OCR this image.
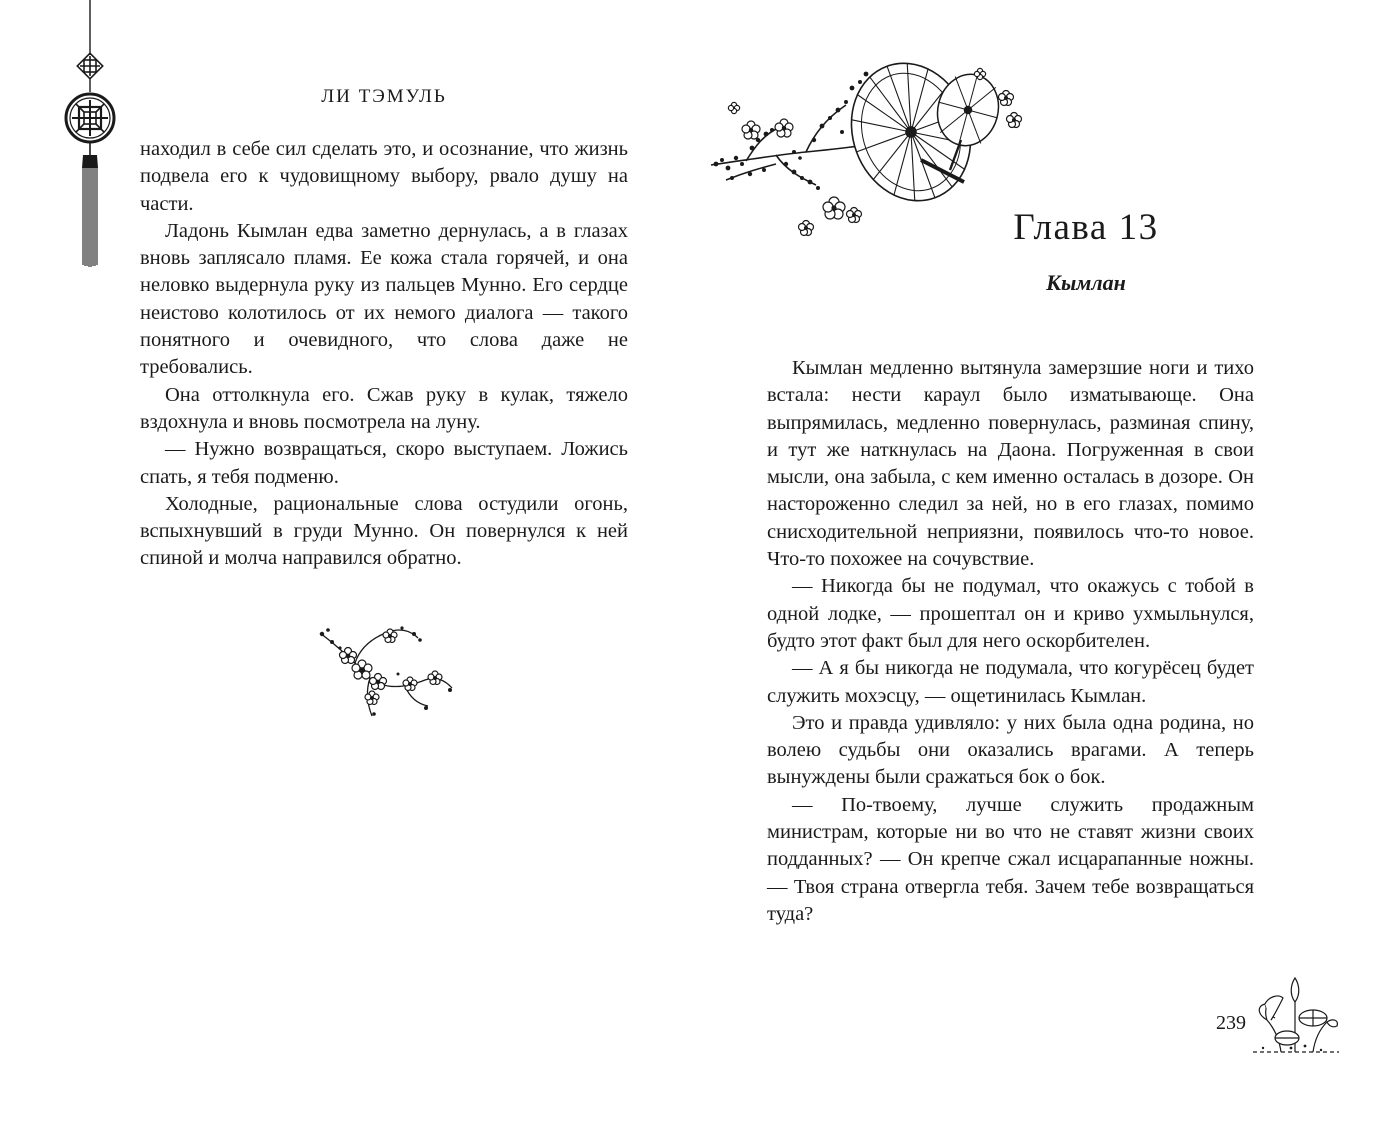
ЛИ ТЭМУЛЬ

находил в себе сил сделать это, и осознание, что жизнь подвела его к чудовищному выбору, рвало душу на части.

Ладонь Кымлан едва заметно дернулась, а в глазах вновь заплясало пламя. Ее кожа стала горячей, и она неловко выдернула руку из пальцев Мунно. Его сердце неистово колотилось от их немого диалога — такого понятного и очевидного, что слова даже не требовались.

Она оттолкнула его. Сжав руку в кулак, тяжело вздохнула и вновь посмотрела на луну.

— Нужно возвращаться, скоро выступаем. Ложись спать, я тебя подменю.

Холодные, рациональные слова остудили огонь, вспыхнувший в груди Мунно. Он повернулся к ней спиной и молча направился обратно.

Глава 13
Кымлан

Кымлан медленно вытянула замерзшие ноги и тихо встала: нести караул было изматывающе. Она выпрямилась, медленно повернулась, разминая спину, и тут же наткнулась на Даона. Погруженная в свои мысли, она забыла, с кем именно осталась в дозоре. Он настороженно следил за ней, но в его глазах, помимо снисходительной неприязни, появилось что-то новое. Что-то похожее на сочувствие.

— Никогда бы не подумал, что окажусь с тобой в одной лодке, — прошептал он и криво ухмыльнулся, будто этот факт был для него оскорбителен.

— А я бы никогда не подумала, что когурёсец будет служить мохэсцу, — ощетинилась Кымлан.

Это и правда удивляло: у них была одна родина, но волею судьбы они оказались врагами. А теперь вынуждены были сражаться бок о бок.

— По-твоему, лучше служить продажным министрам, которые ни во что не ставят жизни своих подданных? — Он крепче сжал исцарапанные ножны. — Твоя страна отвергла тебя. Зачем тебе возвращаться туда?

239
